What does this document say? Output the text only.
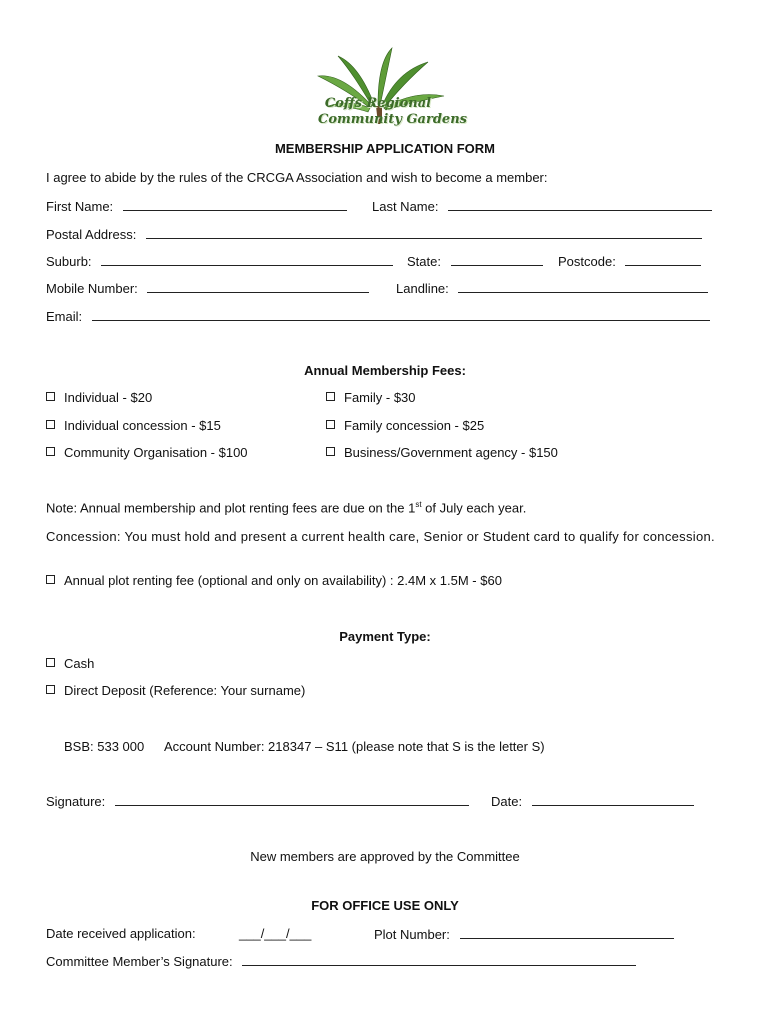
Coffs Regional
Community Gardens
MEMBERSHIP APPLICATION FORM
I agree to abide by the rules of the CRCGA Association and wish to become a member:
First Name:	Last Name:
Postal Address:
Suburb:	State:	Postcode:
Mobile Number:	Landline:
Email:
Annual Membership Fees:
Individual - $20	Family - $30
Individual concession - $15	Family concession - $25
Community Organisation - $100	Business/Government agency - $150
Note: Annual membership and plot renting fees are due on the 1st of July each year.
Concession: You must hold and present a current health care, Senior or Student card to qualify for concession.
Annual plot renting fee (optional and only on availability) : 2.4M x 1.5M - $60
Payment Type:
Cash
Direct Deposit (Reference: Your surname)
BSB: 533 000 Account Number: 218347 – S11 (please note that S is the letter S)
Signature:	Date:
New members are approved by the Committee
FOR OFFICE USE ONLY
Date received application:	___/___/___	Plot Number:
Committee Member’s Signature:
